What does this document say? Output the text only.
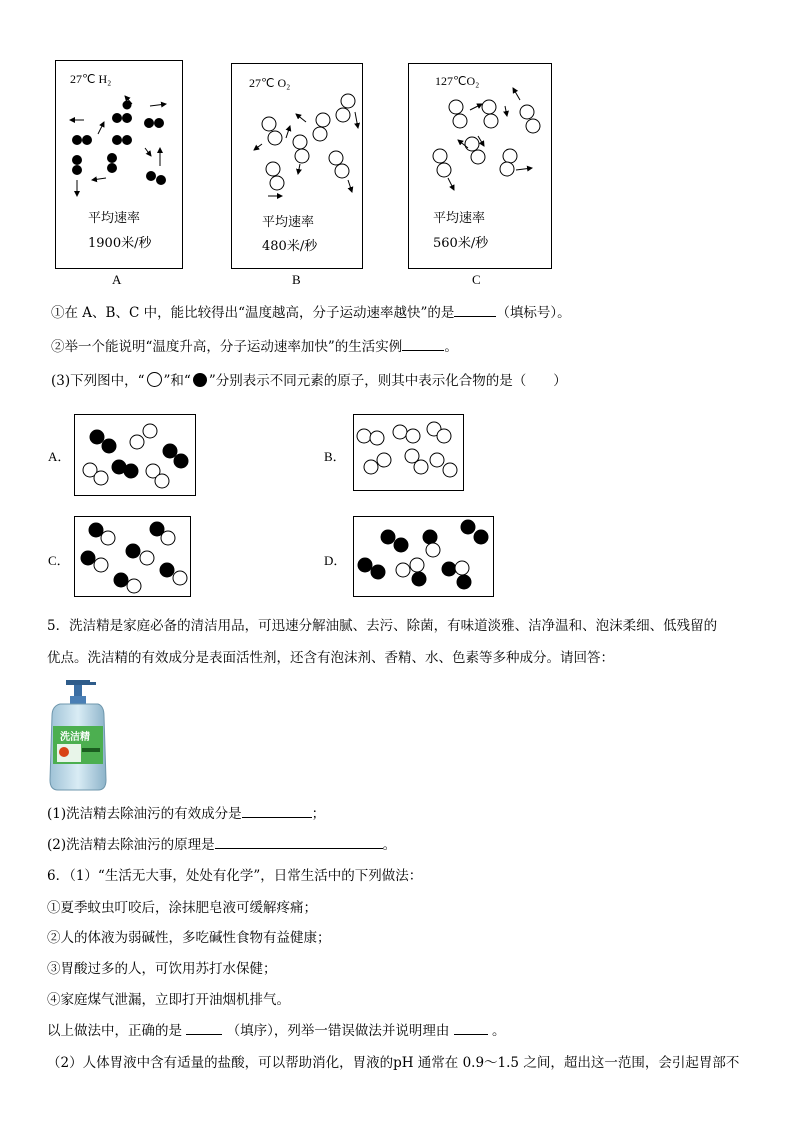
27℃ H₂	27℃ O₂	127℃O₂
平均速率
1900米/秒
平均速率
480米/秒
平均速率
560米/秒
A	B	C
①在 A、B、C 中，能比较得出“温度越高，分子运动速率越快”的是	（填标号）。
②举一个能说明“温度升高，分子运动速率加快”的生活实例	。
(3)下列图中，“ ”和“ ”分别表示不同元素的原子，则其中表示化合物的是（　　）
A．	B．
C．	D．
5．洗洁精是家庭必备的清洁用品，可迅速分解油腻、去污、除菌，有味道淡雅、洁净温和、泡沫柔细、低残留的
优点。洗洁精的有效成分是表面活性剂，还含有泡沫剂、香精、水、色素等多种成分。请回答：
洗洁精
(1)洗洁精去除油污的有效成分是	；
(2)洗洁精去除油污的原理是	。
6．（1）“生活无大事，处处有化学”，日常生活中的下列做法：
①夏季蚊虫叮咬后，涂抹肥皂液可缓解疼痛；
②人的体液为弱碱性，多吃碱性食物有益健康；
③胃酸过多的人，可饮用苏打水保健；
④家庭煤气泄漏，立即打开油烟机排气。
以上做法中，正确的是	（填序），列举一错误做法并说明理由	。
（2）人体胃液中含有适量的盐酸，可以帮助消化，胃液的pH 通常在 0.9～1.5 之间，超出这一范围，会引起胃部不
